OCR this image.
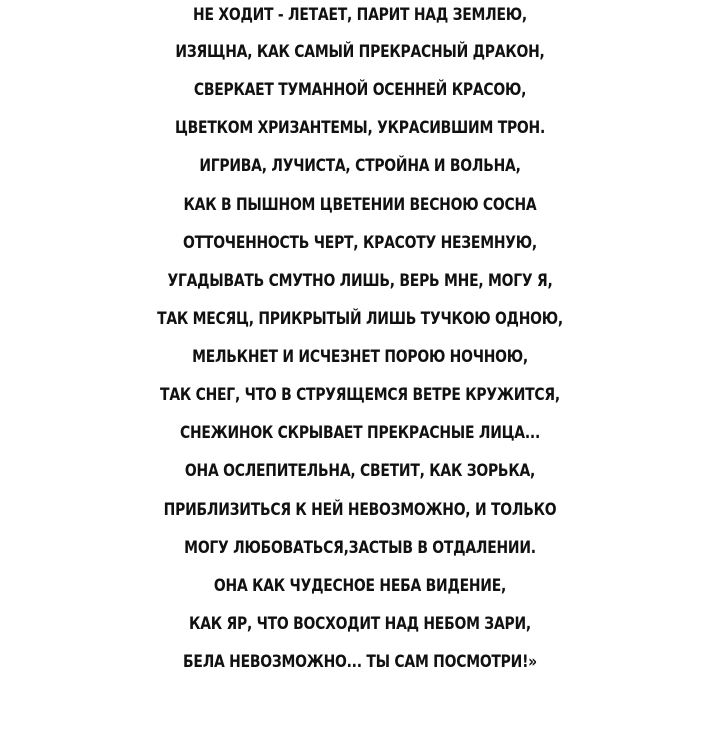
НЕ ХОДИТ - ЛЕТАЕТ, ПАРИТ НАД ЗЕМЛЕЮ,
ИЗЯЩНА, КАК САМЫЙ ПРЕКРАСНЫЙ ДРАКОН,
СВЕРКАЕТ ТУМАННОЙ ОСЕННЕЙ КРАСОЮ,
ЦВЕТКОМ ХРИЗАНТЕМЫ, УКРАСИВШИМ ТРОН.
ИГРИВА, ЛУЧИСТА, СТРОЙНА И ВОЛЬНА,
КАК В ПЫШНОМ ЦВЕТЕНИИ ВЕСНОЮ СОСНА
ОТТОЧЕННОСТЬ ЧЕРТ, КРАСОТУ НЕЗЕМНУЮ,
УГАДЫВАТЬ СМУТНО ЛИШЬ, ВЕРЬ МНЕ, МОГУ Я,
ТАК МЕСЯЦ, ПРИКРЫТЫЙ ЛИШЬ ТУЧКОЮ ОДНОЮ,
МЕЛЬКНЕТ И ИСЧЕЗНЕТ ПОРОЮ НОЧНОЮ,
ТАК СНЕГ, ЧТО В СТРУЯЩЕМСЯ ВЕТРЕ КРУЖИТСЯ,
СНЕЖИНОК СКРЫВАЕТ ПРЕКРАСНЫЕ ЛИЦА...
ОНА ОСЛЕПИТЕЛЬНА, СВЕТИТ, КАК ЗОРЬКА,
ПРИБЛИЗИТЬСЯ К НЕЙ НЕВОЗМОЖНО, И ТОЛЬКО
МОГУ ЛЮБОВАТЬСЯ,ЗАСТЫВ В ОТДАЛЕНИИ.
ОНА КАК ЧУДЕСНОЕ НЕБА ВИДЕНИЕ,
КАК ЯР, ЧТО ВОСХОДИТ НАД НЕБОМ ЗАРИ,
БЕЛА НЕВОЗМОЖНО... ТЫ САМ ПОСМОТРИ!»
